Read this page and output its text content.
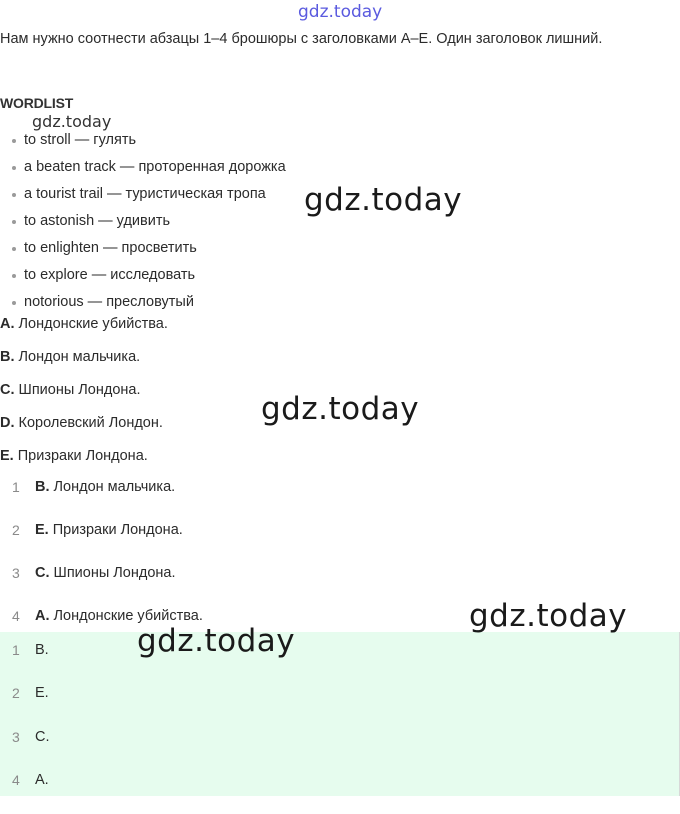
gdz.today
gdz.today
Нам нужно соотнести абзацы 1–4 брошюры с заголовками A–E. Один заголовок лишний.
WORDLIST
to stroll — гулять
a beaten track — проторенная дорожка
a tourist trail — туристическая тропа
to astonish — удивить
to enlighten — просветить
to explore — исследовать
notorious — пресловутый
A. Лондонские убийства.
B. Лондон мальчика.
C. Шпионы Лондона.
D. Королевский Лондон.
E. Призраки Лондона.
1 B. Лондон мальчика.
2 E. Призраки Лондона.
3 C. Шпионы Лондона.
4 A. Лондонские убийства.
1 B.
2 E.
3 C.
4 A.
gdz.today
gdz.today
gdz.today
gdz.today
